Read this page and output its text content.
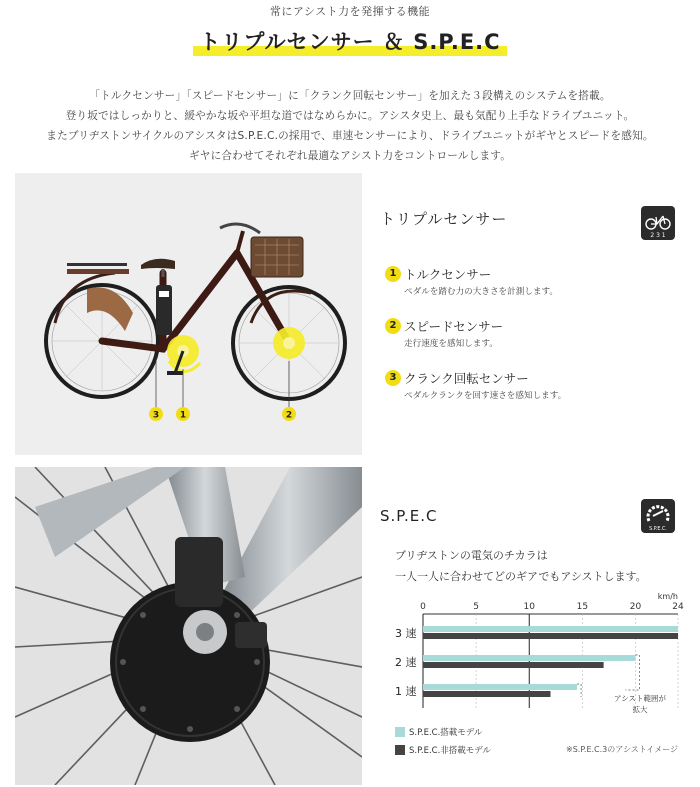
常にアシスト力を発揮する機能
トリプルセンサー ＆ S.P.E.C
「トルクセンサー」「スピードセンサー」に「クランク回転センサー」を加えた３段構えのシステムを搭載。
登り坂ではしっかりと、緩やかな坂や平坦な道ではなめらかに。アシスタ史上、最も気配り上手なドライブユニット。
またブリヂストンサイクルのアシスタはS.P.E.C.の採用で、車速センサーにより、ドライブユニットがギヤとスピードを感知。
ギヤに合わせてそれぞれ最適なアシスト力をコントロールします。
3 1	2
トリプルセンサー
2 3 1
1 トルクセンサー
ペダルを踏む力の大きさを計測します。
2 スピードセンサー
走行速度を感知します。
3 クランク回転センサー
ペダルクランクを回す速さを感知します。
S.P.E.C
S.P.E.C.
ブリヂストンの電気のチカラは
一人一人に合わせてどのギアでもアシストします。
0	5	10	15	20	24
km/h
3 速
2 速
1 速
アシスト範囲が
拡大
S.P.E.C.搭載モデル
S.P.E.C.非搭載モデル	※S.P.E.C.3のアシストイメージ
